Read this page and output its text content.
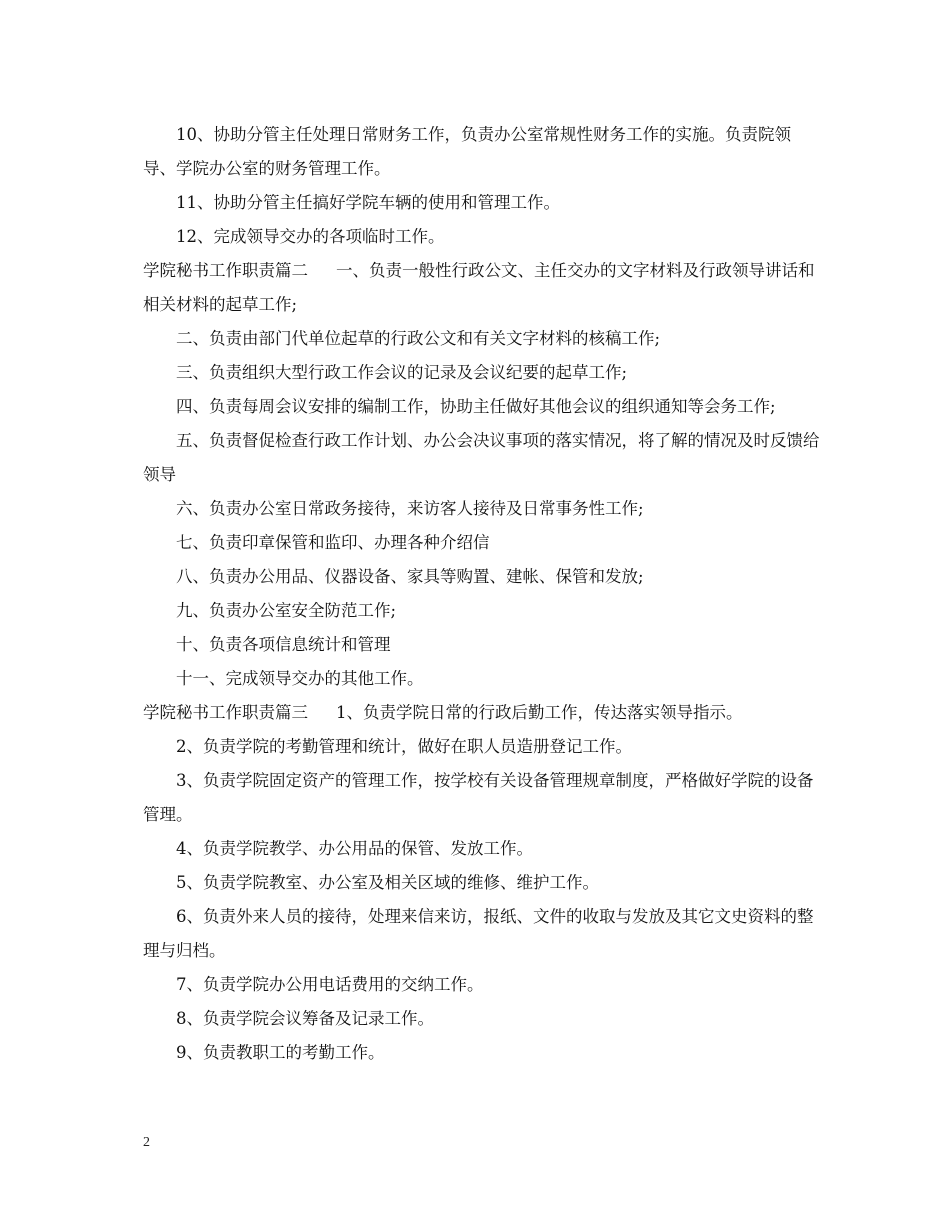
10、协助分管主任处理日常财务工作，负责办公室常规性财务工作的实施。负责院领导、学院办公室的财务管理工作。

11、协助分管主任搞好学院车辆的使用和管理工作。

12、完成领导交办的各项临时工作。

学院秘书工作职责篇二 一、负责一般性行政公文、主任交办的文字材料及行政领导讲话和相关材料的起草工作;

二、负责由部门代单位起草的行政公文和有关文字材料的核稿工作;

三、负责组织大型行政工作会议的记录及会议纪要的起草工作;

四、负责每周会议安排的编制工作，协助主任做好其他会议的组织通知等会务工作;

五、负责督促检查行政工作计划、办公会决议事项的落实情况，将了解的情况及时反馈给领导

六、负责办公室日常政务接待，来访客人接待及日常事务性工作;

七、负责印章保管和监印、办理各种介绍信

八、负责办公用品、仪器设备、家具等购置、建帐、保管和发放;

九、负责办公室安全防范工作;

十、负责各项信息统计和管理

十一、完成领导交办的其他工作。

学院秘书工作职责篇三 1、负责学院日常的行政后勤工作，传达落实领导指示。

2、负责学院的考勤管理和统计，做好在职人员造册登记工作。

3、负责学院固定资产的管理工作，按学校有关设备管理规章制度，严格做好学院的设备管理。

4、负责学院教学、办公用品的保管、发放工作。

5、负责学院教室、办公室及相关区域的维修、维护工作。

6、负责外来人员的接待，处理来信来访，报纸、文件的收取与发放及其它文史资料的整理与归档。

7、负责学院办公用电话费用的交纳工作。

8、负责学院会议筹备及记录工作。

9、负责教职工的考勤工作。

2
